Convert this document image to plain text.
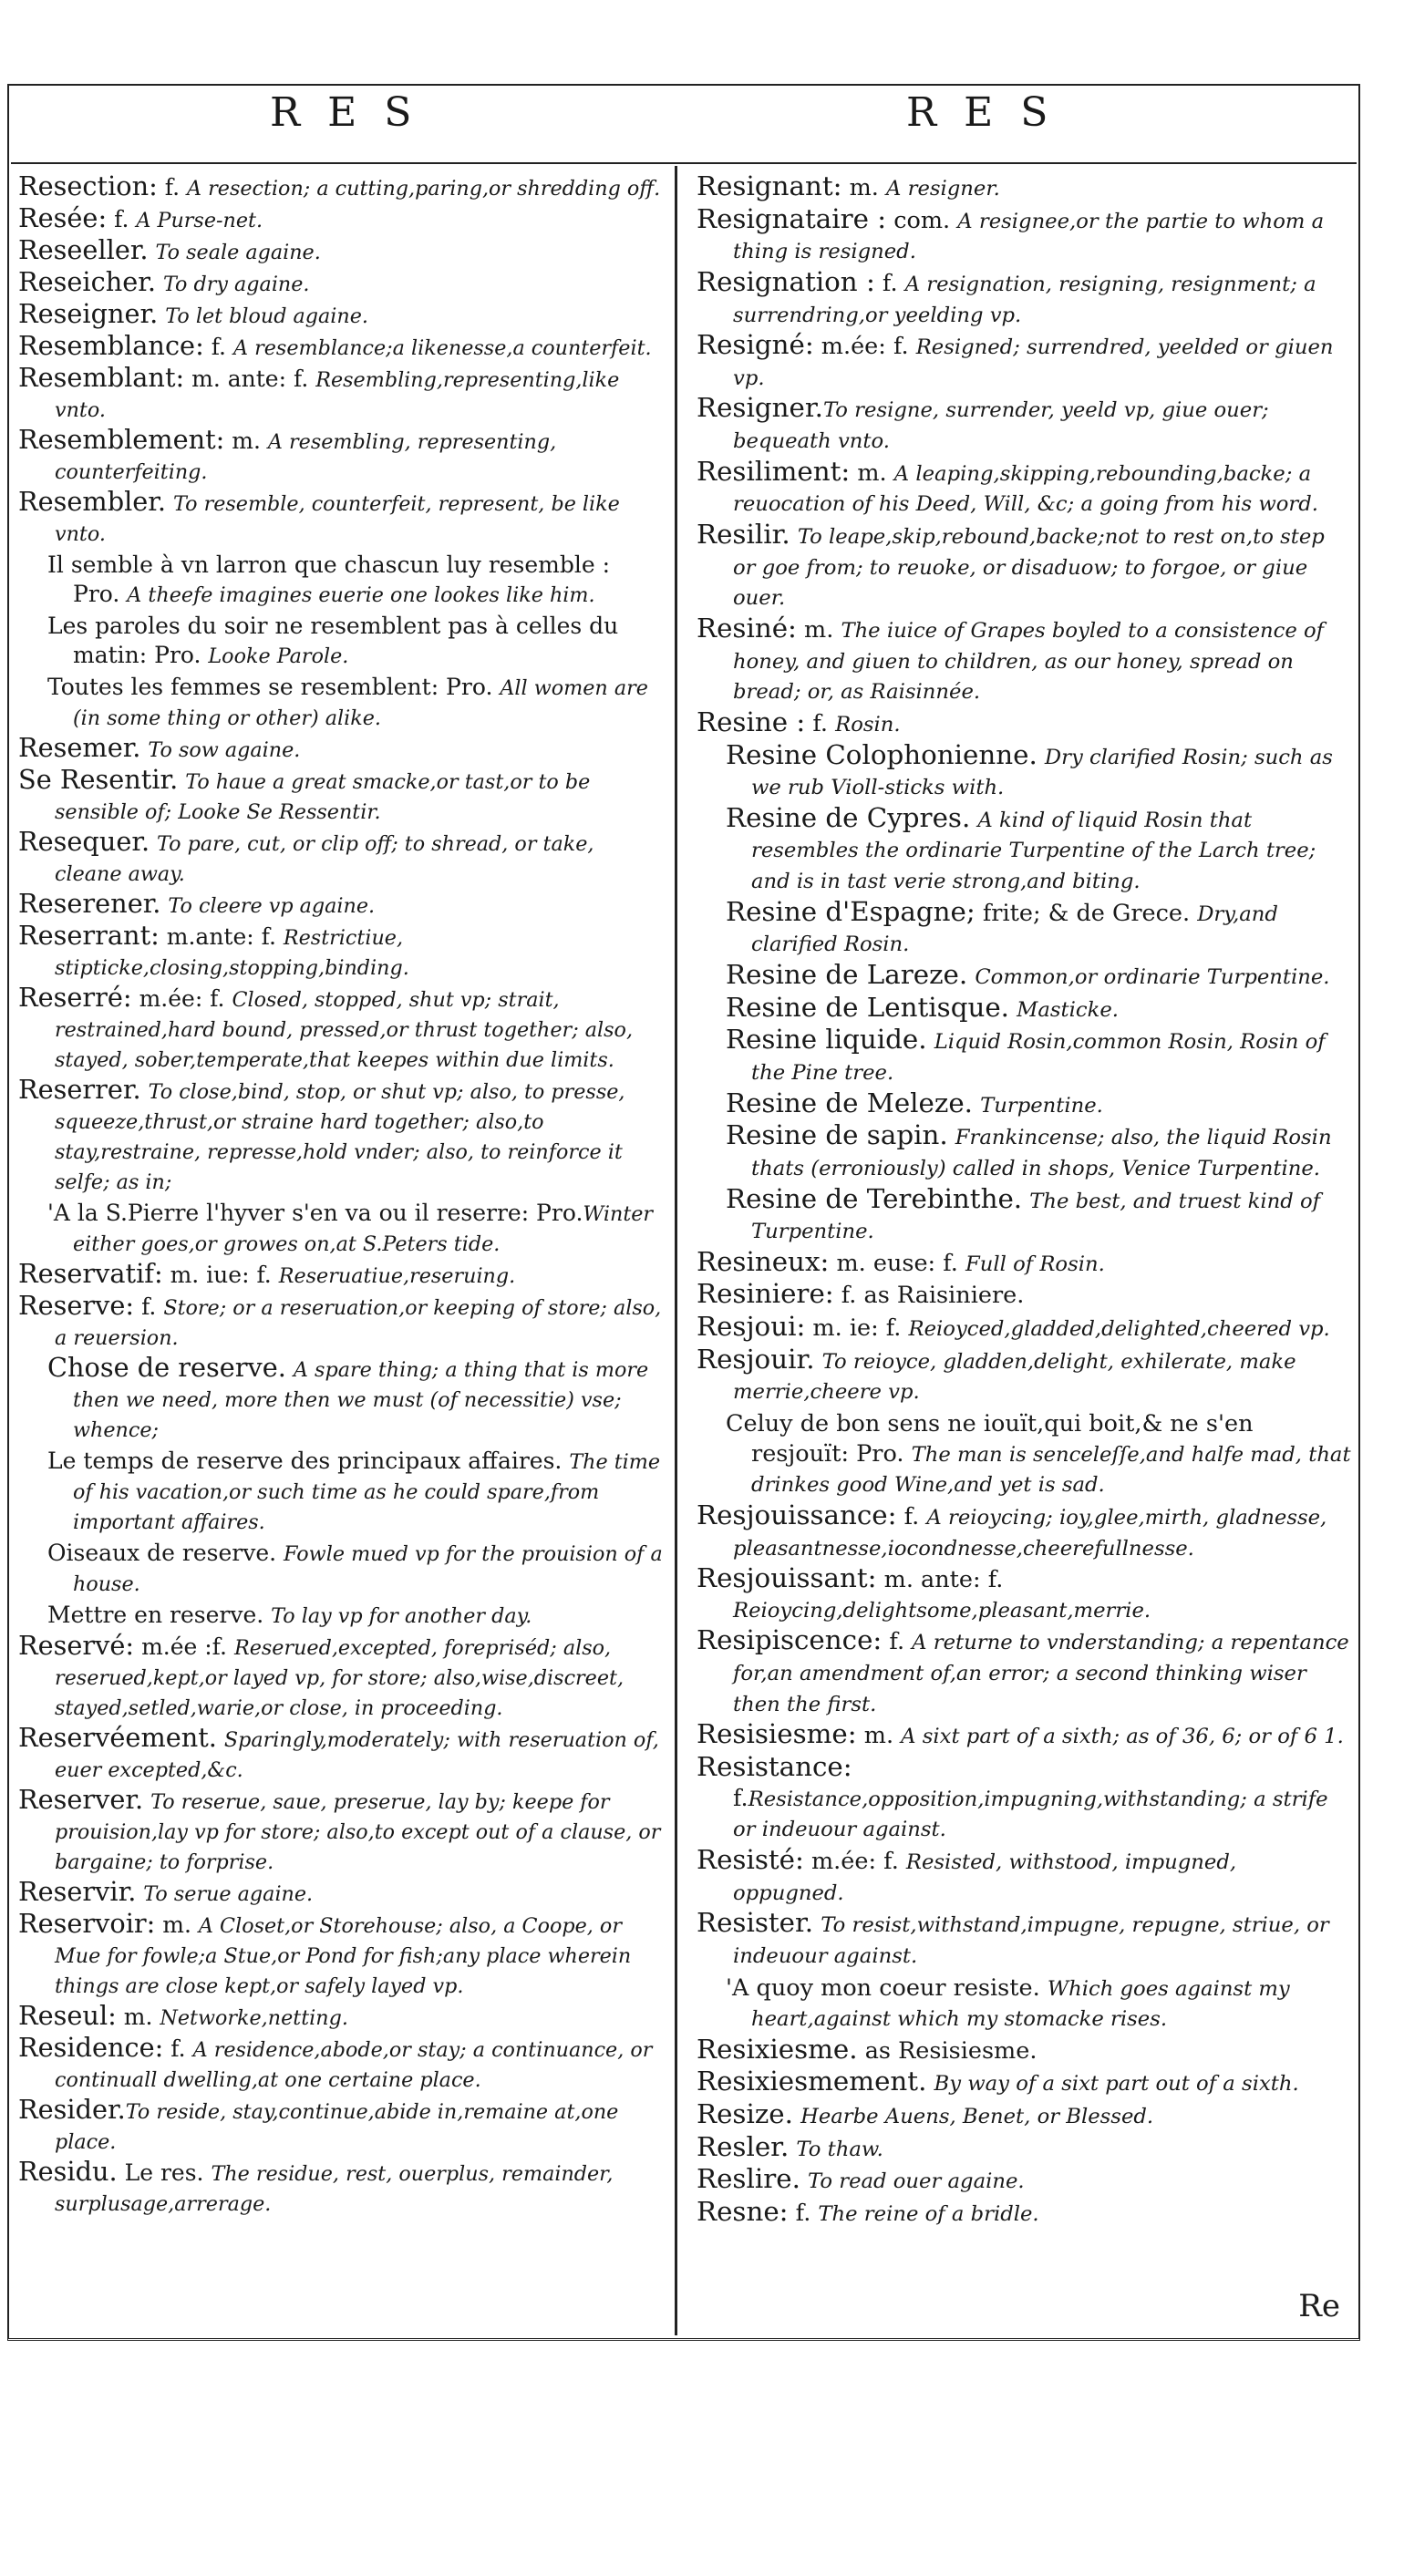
RES	RES

Resection: f. A resection; a cutting,paring,or shredding off.

Resée: f. A Purse-net.

Reseeller. To seale againe.

Reseicher. To dry againe.

Reseigner. To let bloud againe.

Resemblance: f. A resemblance;a likenesse,a counterfeit.

Resemblant: m. ante: f. Resembling,representing,like vnto.

Resemblement: m. A resembling, representing, counterfeiting.

Resembler. To resemble, counterfeit, represent, be like vnto.

Il semble à vn larron que chascun luy resemble : Pro. A theefe imagines euerie one lookes like him.

Les paroles du soir ne resemblent pas à celles du matin: Pro. Looke Parole.

Toutes les femmes se resemblent: Pro. All women are (in some thing or other) alike.

Resemer. To sow againe.

Se Resentir. To haue a great smacke,or tast,or to be sensible of; Looke Se Ressentir.

Resequer. To pare, cut, or clip off; to shread, or take, cleane away.

Reserener. To cleere vp againe.

Reserrant: m.ante: f. Restrictiue, stipticke,closing,stopping,binding.

Reserré: m.ée: f. Closed, stopped, shut vp; strait, restrained,hard bound, pressed,or thrust together; also, stayed, sober,temperate,that keepes within due limits.

Reserrer. To close,bind, stop, or shut vp; also, to presse, squeeze,thrust,or straine hard together; also,to stay,restraine, represse,hold vnder; also, to reinforce it selfe; as in;

'A la S.Pierre l'hyver s'en va ou il reserre: Pro.Winter either goes,or growes on,at S.Peters tide.

Reservatif: m. iue: f. Reseruatiue,reseruing.

Reserve: f. Store; or a reseruation,or keeping of store; also, a reuersion.

Chose de reserve. A spare thing; a thing that is more then we need, more then we must (of necessitie) vse; whence;

Le temps de reserve des principaux affaires. The time of his vacation,or such time as he could spare,from important affaires.

Oiseaux de reserve. Fowle mued vp for the prouision of a house.

Mettre en reserve. To lay vp for another day.

Reservé: m.ée :f. Reserued,excepted, forepriséd; also, reserued,kept,or layed vp, for store; also,wise,discreet, stayed,setled,warie,or close, in proceeding.

Reservéement. Sparingly,moderately; with reseruation of, euer excepted,&c.

Reserver. To reserue, saue, preserue, lay by; keepe for prouision,lay vp for store; also,to except out of a clause, or bargaine; to forprise.

Reservir. To serue againe.

Reservoir: m. A Closet,or Storehouse; also, a Coope, or Mue for fowle;a Stue,or Pond for fish;any place wherein things are close kept,or safely layed vp.

Reseul: m. Networke,netting.

Residence: f. A residence,abode,or stay; a continuance, or continuall dwelling,at one certaine place.

Resider.To reside, stay,continue,abide in,remaine at,one place.

Residu. Le res. The residue, rest, ouerplus, remainder, surplusage,arrerage.

Resignant: m. A resigner.

Resignataire : com. A resignee,or the partie to whom a thing is resigned.

Resignation : f. A resignation, resigning, resignment; a surrendring,or yeelding vp.

Resigné: m.ée: f. Resigned; surrendred, yeelded or giuen vp.

Resigner.To resigne, surrender, yeeld vp, giue ouer; bequeath vnto.

Resiliment: m. A leaping,skipping,rebounding,backe; a reuocation of his Deed, Will, &c; a going from his word.

Resilir. To leape,skip,rebound,backe;not to rest on,to step or goe from; to reuoke, or disaduow; to forgoe, or giue ouer.

Resiné: m. The iuice of Grapes boyled to a consistence of honey, and giuen to children, as our honey, spread on bread; or, as Raisinnée.

Resine : f. Rosin.

Resine Colophonienne. Dry clarified Rosin; such as we rub Violl-sticks with.

Resine de Cypres. A kind of liquid Rosin that resembles the ordinarie Turpentine of the Larch tree; and is in tast verie strong,and biting.

Resine d'Espagne; frite; & de Grece. Dry,and clarified Rosin.

Resine de Lareze. Common,or ordinarie Turpentine.

Resine de Lentisque. Masticke.

Resine liquide. Liquid Rosin,common Rosin, Rosin of the Pine tree.

Resine de Meleze. Turpentine.

Resine de sapin. Frankincense; also, the liquid Rosin thats (erroniously) called in shops, Venice Turpentine.

Resine de Terebinthe. The best, and truest kind of Turpentine.

Resineux: m. euse: f. Full of Rosin.

Resiniere: f. as Raisiniere.

Resjoui: m. ie: f. Reioyced,gladded,delighted,cheered vp.

Resjouir. To reioyce, gladden,delight, exhilerate, make merrie,cheere vp.

Celuy de bon sens ne iouït,qui boit,& ne s'en resjouït: Pro. The man is senceleſſe,and halfe mad, that drinkes good Wine,and yet is sad.

Resjouissance: f. A reioycing; ioy,glee,mirth, gladnesse, pleasantnesse,iocondnesse,cheerefullnesse.

Resjouissant: m. ante: f. Reioycing,delightsome,pleasant,merrie.

Resipiscence: f. A returne to vnderstanding; a repentance for,an amendment of,an error; a second thinking wiser then the first.

Resisiesme: m. A sixt part of a sixth; as of 36, 6; or of 6 1.

Resistance: f.Resistance,opposition,impugning,withstanding; a strife or indeuour against.

Resisté: m.ée: f. Resisted, withstood, impugned, oppugned.

Resister. To resist,withstand,impugne, repugne, striue, or indeuour against.

'A quoy mon coeur resiste. Which goes against my heart,against which my stomacke rises.

Resixiesme. as Resisiesme.

Resixiesmement. By way of a sixt part out of a sixth.

Resize. Hearbe Auens, Benet, or Blessed.

Resler. To thaw.

Reslire. To read ouer againe.

Resne: f. The reine of a bridle.

Re
